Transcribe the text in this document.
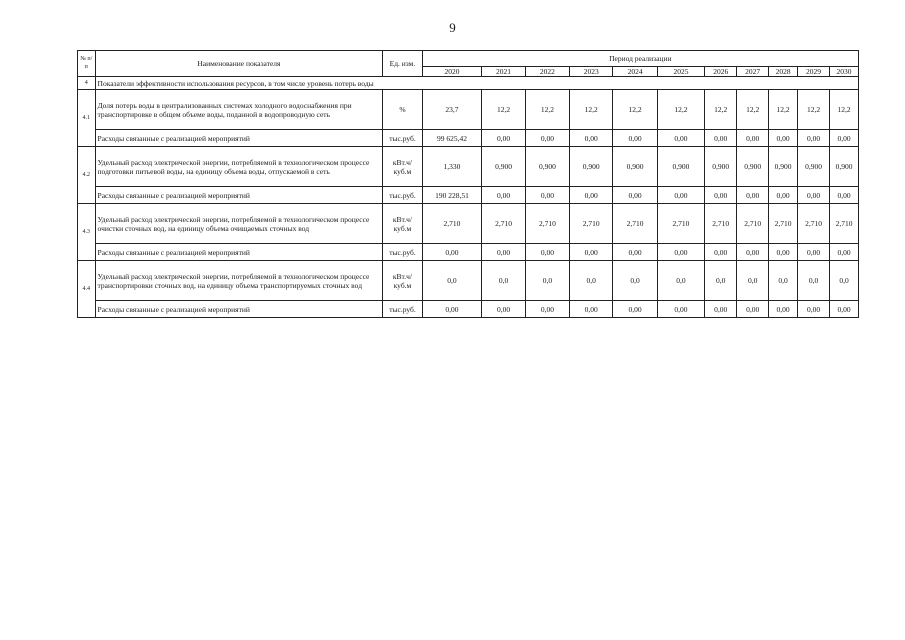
9
№ п/п	Наименование показателя	Ед. изм.	Период реализации										
			2020	2021	2022	2023	2024	2025	2026	2027	2028	2029	2030
4	Показатели эффективности использования ресурсов, в том числе уровень потерь воды												
4.1	Доля потерь воды в централизованных системах холодного водоснабжения при транспортировке в общем объеме воды, поданной в водопроводную сеть	%	23,7	12,2	12,2	12,2	12,2	12,2	12,2	12,2	12,2	12,2	12,2
	Расходы связанные с реализацией мероприятий	тыс.руб.	99 625,42	0,00	0,00	0,00	0,00	0,00	0,00	0,00	0,00	0,00	0,00
4.2	Удельный расход электрической энергии, потребляемой в технологическом процессе подготовки питьевой воды, на единицу объема воды, отпускаемой в сеть	кВт.ч/ куб.м	1,330	0,900	0,900	0,900	0,900	0,900	0,900	0,900	0,900	0,900	0,900
	Расходы связанные с реализацией мероприятий	тыс.руб.	190 228,51	0,00	0,00	0,00	0,00	0,00	0,00	0,00	0,00	0,00	0,00
4.3	Удельный расход электрической энергии, потребляемой в технологическом процессе очистки сточных вод, на единицу объема очищаемых сточных вод	кВт.ч/ куб.м	2,710	2,710	2,710	2,710	2,710	2,710	2,710	2,710	2,710	2,710	2,710
	Расходы связанные с реализацией мероприятий	тыс.руб.	0,00	0,00	0,00	0,00	0,00	0,00	0,00	0,00	0,00	0,00	0,00
4.4	Удельный расход электрической энергии, потребляемой в технологическом процессе транспортировки сточных вод, на единицу объема транспортируемых сточных вод	кВт.ч/ куб.м	0,0	0,0	0,0	0,0	0,0	0,0	0,0	0,0	0,0	0,0	0,0
	Расходы связанные с реализацией мероприятий	тыс.руб.	0,00	0,00	0,00	0,00	0,00	0,00	0,00	0,00	0,00	0,00	0,00
